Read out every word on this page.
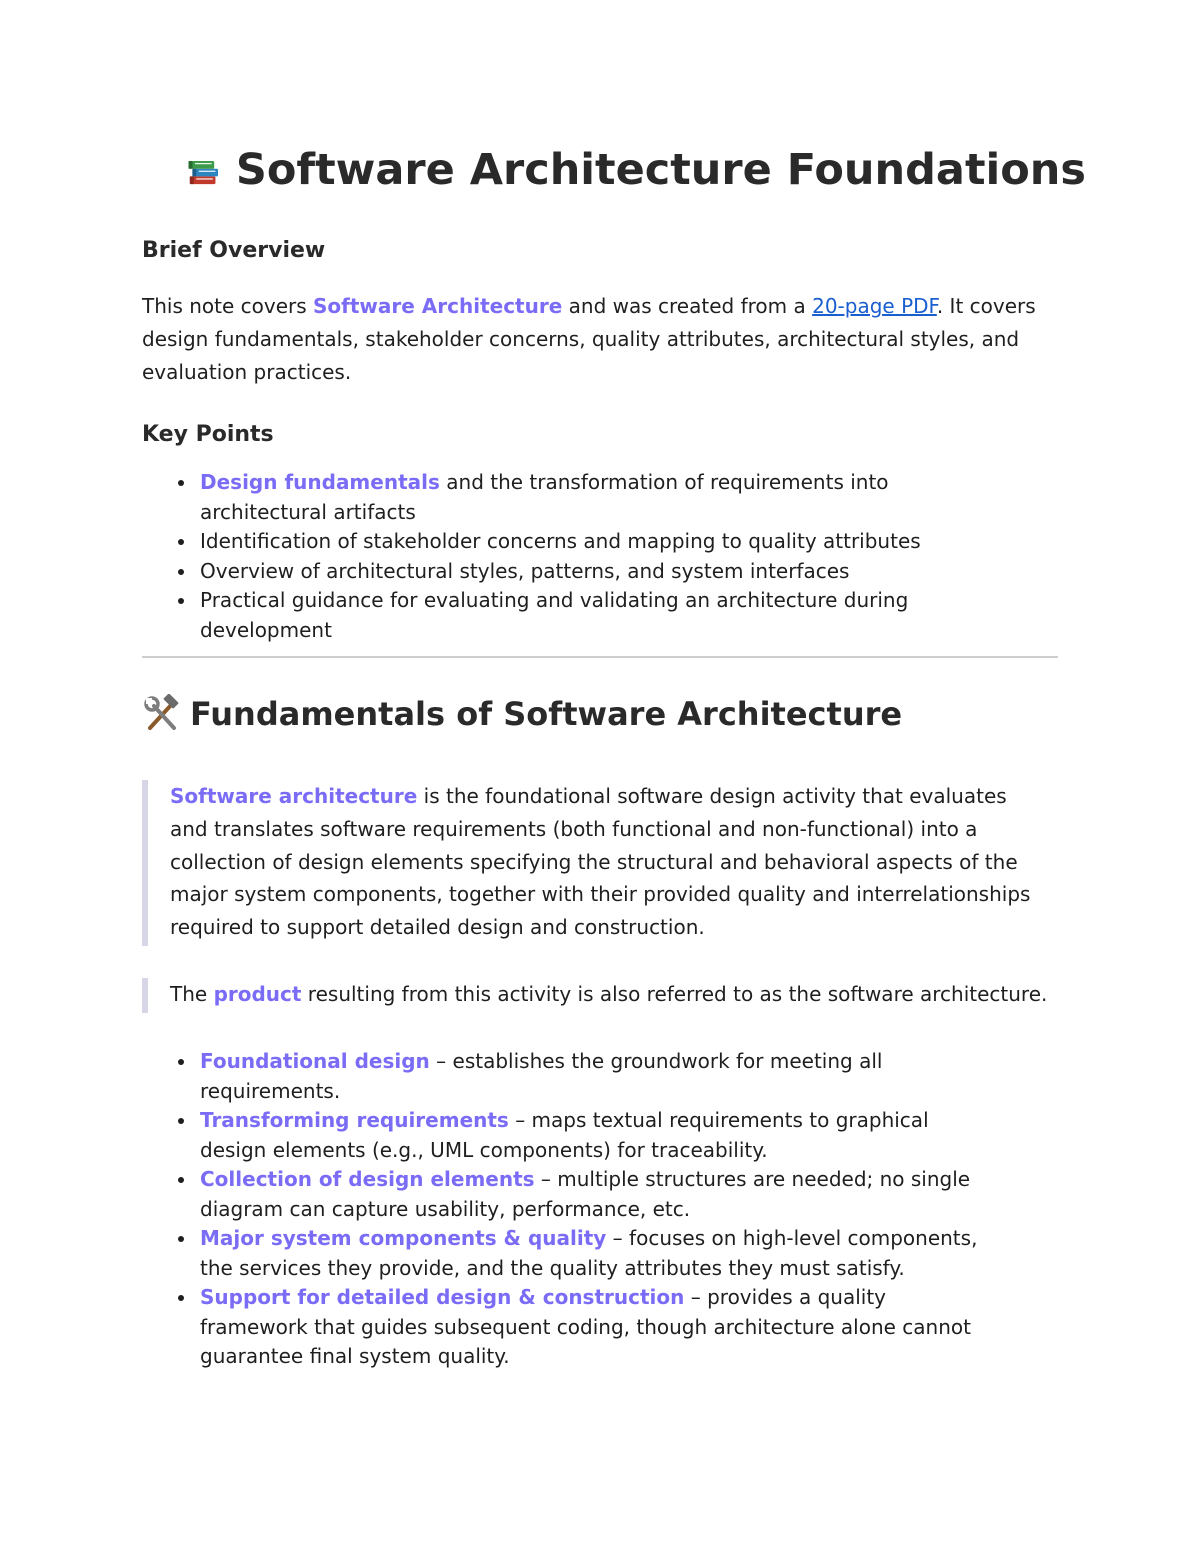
Software Architecture Foundations
Brief Overview
This note covers Software Architecture and was created from a 20-page PDF. It covers design fundamentals, stakeholder concerns, quality attributes, architectural styles, and evaluation practices.
Key Points
Design fundamentals and the transformation of requirements into architectural artifacts
Identification of stakeholder concerns and mapping to quality attributes
Overview of architectural styles, patterns, and system interfaces
Practical guidance for evaluating and validating an architecture during development
Fundamentals of Software Architecture
Software architecture is the foundational software design activity that evaluates and translates software requirements (both functional and non-functional) into a collection of design elements specifying the structural and behavioral aspects of the major system components, together with their provided quality and interrelationships required to support detailed design and construction.
The product resulting from this activity is also referred to as the software architecture.
Foundational design – establishes the groundwork for meeting all requirements.
Transforming requirements – maps textual requirements to graphical design elements (e.g., UML components) for traceability.
Collection of design elements – multiple structures are needed; no single diagram can capture usability, performance, etc.
Major system components & quality – focuses on high-level components, the services they provide, and the quality attributes they must satisfy.
Support for detailed design & construction – provides a quality framework that guides subsequent coding, though architecture alone cannot guarantee final system quality.
